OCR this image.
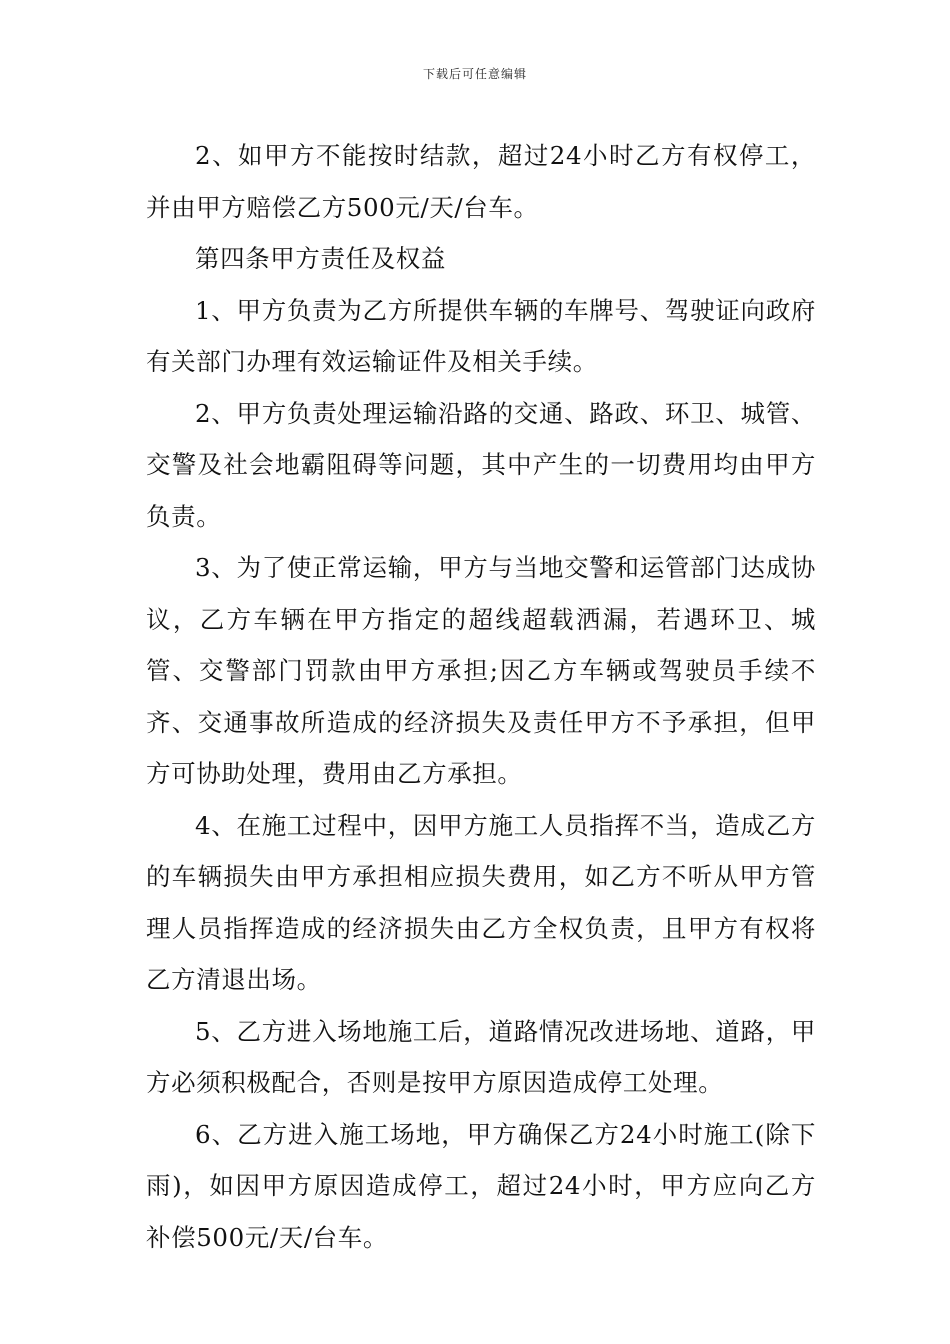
下载后可任意编辑

2、如甲方不能按时结款，超过24小时乙方有权停工，并由甲方赔偿乙方500元/天/台车。

第四条甲方责任及权益

1、甲方负责为乙方所提供车辆的车牌号、驾驶证向政府有关部门办理有效运输证件及相关手续。

2、甲方负责处理运输沿路的交通、路政、环卫、城管、交警及社会地霸阻碍等问题，其中产生的一切费用均由甲方负责。

3、为了使正常运输，甲方与当地交警和运管部门达成协议，乙方车辆在甲方指定的超线超载洒漏，若遇环卫、城管、交警部门罚款由甲方承担;因乙方车辆或驾驶员手续不齐、交通事故所造成的经济损失及责任甲方不予承担，但甲方可协助处理，费用由乙方承担。

4、在施工过程中，因甲方施工人员指挥不当，造成乙方的车辆损失由甲方承担相应损失费用，如乙方不听从甲方管理人员指挥造成的经济损失由乙方全权负责，且甲方有权将乙方清退出场。

5、乙方进入场地施工后，道路情况改进场地、道路，甲方必须积极配合，否则是按甲方原因造成停工处理。

6、乙方进入施工场地，甲方确保乙方24小时施工(除下雨)，如因甲方原因造成停工，超过24小时，甲方应向乙方补偿500元/天/台车。
